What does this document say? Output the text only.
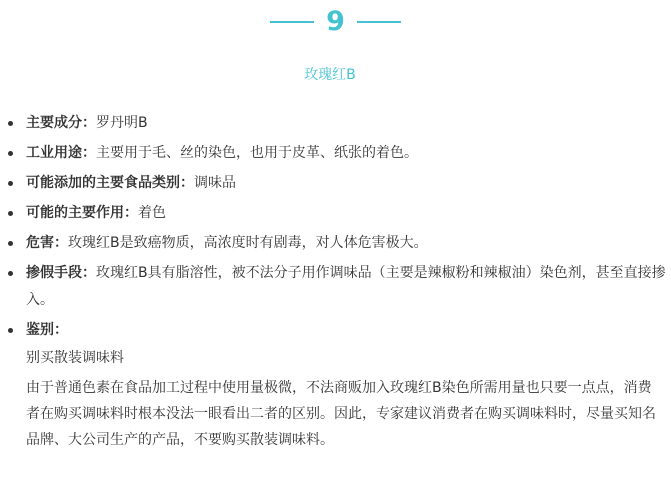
9
玫瑰红B
主要成分：罗丹明B
工业用途：主要用于毛、丝的染色，也用于皮革、纸张的着色。
可能添加的主要食品类别：调味品
可能的主要作用：着色
危害：玫瑰红B是致癌物质，高浓度时有剧毒，对人体危害极大。
掺假手段：玫瑰红B具有脂溶性，被不法分子用作调味品（主要是辣椒粉和辣椒油）染色剂，甚至直接掺入。
鉴别：
别买散装调味料
由于普通色素在食品加工过程中使用量极微，不法商贩加入玫瑰红B染色所需用量也只要一点点，消费者在购买调味料时根本没法一眼看出二者的区别。因此，专家建议消费者在购买调味料时，尽量买知名品牌、大公司生产的产品，不要购买散装调味料。
